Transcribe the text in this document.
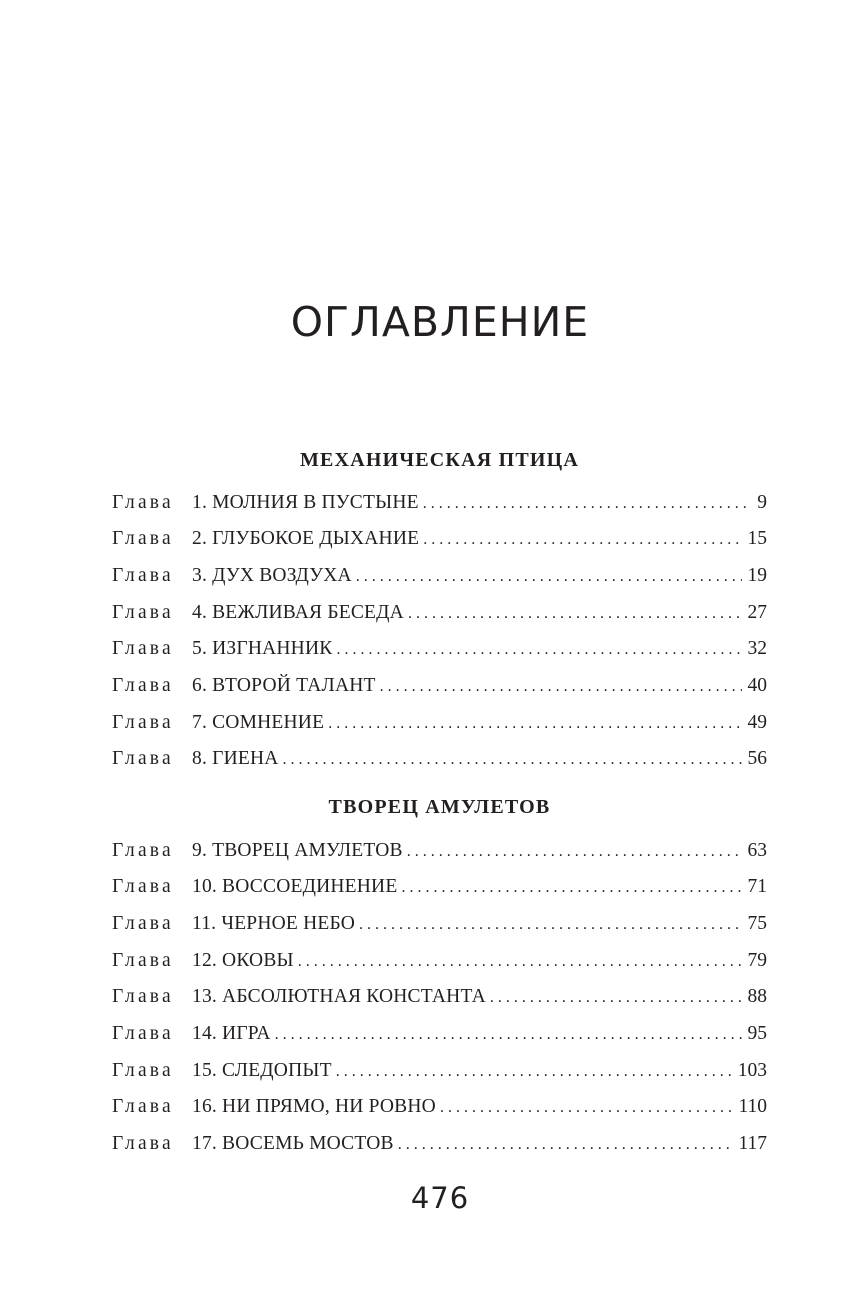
ОГЛАВЛЕНИЕ
МЕХАНИЧЕСКАЯ ПТИЦА
Глава 1. МОЛНИЯ В ПУСТЫНЕ . . .	9
Глава 2. ГЛУБОКОЕ ДЫХАНИЕ . . .	15
Глава 3. ДУХ ВОЗДУХА . . .	19
Глава 4. ВЕЖЛИВАЯ БЕСЕДА . . .	27
Глава 5. ИЗГНАННИК . . .	32
Глава 6. ВТОРОЙ ТАЛАНТ . . .	40
Глава 7. СОМНЕНИЕ . . .	49
Глава 8. ГИЕНА . . .	56
ТВОРЕЦ АМУЛЕТОВ
Глава 9. ТВОРЕЦ АМУЛЕТОВ . . .	63
Глава 10. ВОССОЕДИНЕНИЕ . . .	71
Глава 11. ЧЕРНОЕ НЕБО . . .	75
Глава 12. ОКОВЫ . . .	79
Глава 13. АБСОЛЮТНАЯ КОНСТАНТА . . .	88
Глава 14. ИГРА . . .	95
Глава 15. СЛЕДОПЫТ . . .	103
Глава 16. НИ ПРЯМО, НИ РОВНО . . .	110
Глава 17. ВОСЕМЬ МОСТОВ . . .	117
476
